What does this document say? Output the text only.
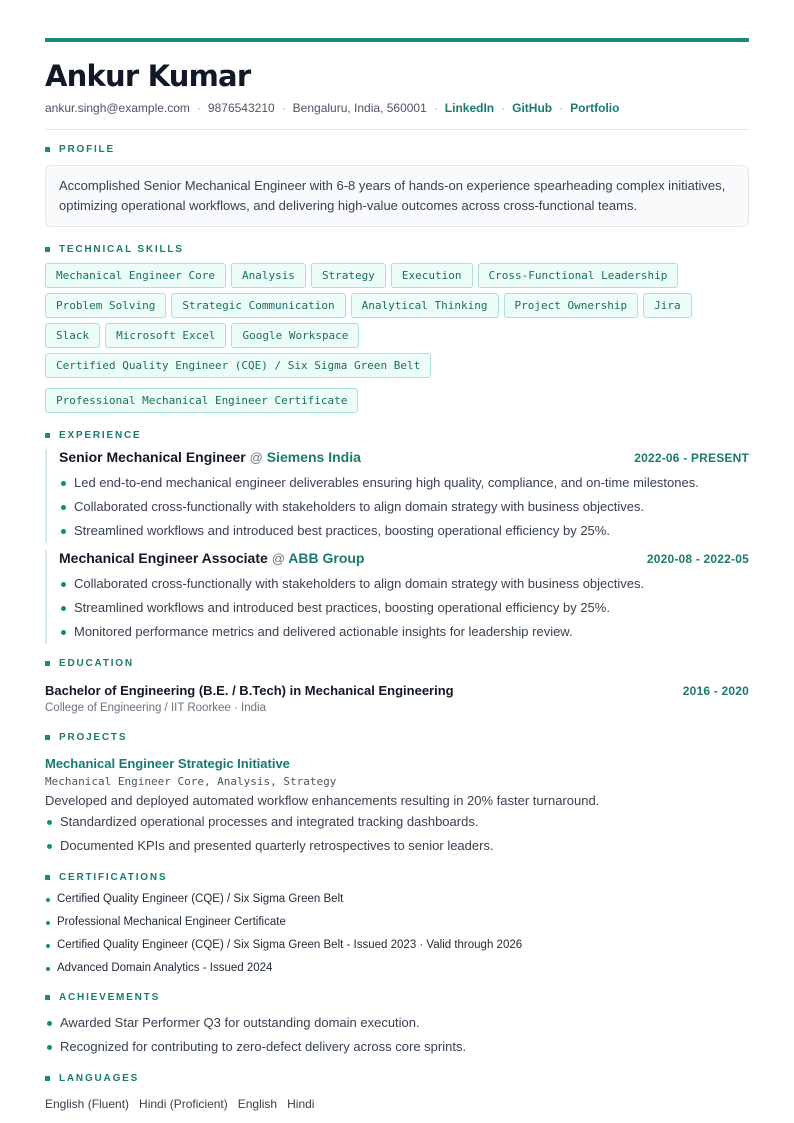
Ankur Kumar
ankur.singh@example.com · 9876543210 · Bengaluru, India, 560001 · LinkedIn · GitHub · Portfolio
PROFILE
Accomplished Senior Mechanical Engineer with 6-8 years of hands-on experience spearheading complex initiatives, optimizing operational workflows, and delivering high-value outcomes across cross-functional teams.
TECHNICAL SKILLS
Mechanical Engineer Core	Analysis	Strategy	Execution	Cross-Functional Leadership
Problem Solving	Strategic Communication	Analytical Thinking	Project Ownership	Jira
Slack	Microsoft Excel	Google Workspace
Certified Quality Engineer (CQE) / Six Sigma Green Belt
Professional Mechanical Engineer Certificate
EXPERIENCE
Senior Mechanical Engineer @ Siemens India	2022-06 - PRESENT
Led end-to-end mechanical engineer deliverables ensuring high quality, compliance, and on-time milestones.
Collaborated cross-functionally with stakeholders to align domain strategy with business objectives.
Streamlined workflows and introduced best practices, boosting operational efficiency by 25%.
Mechanical Engineer Associate @ ABB Group	2020-08 - 2022-05
Collaborated cross-functionally with stakeholders to align domain strategy with business objectives.
Streamlined workflows and introduced best practices, boosting operational efficiency by 25%.
Monitored performance metrics and delivered actionable insights for leadership review.
EDUCATION
Bachelor of Engineering (B.E. / B.Tech) in Mechanical Engineering	2016 - 2020
College of Engineering / IIT Roorkee · India
PROJECTS
Mechanical Engineer Strategic Initiative
Mechanical Engineer Core, Analysis, Strategy
Developed and deployed automated workflow enhancements resulting in 20% faster turnaround.
Standardized operational processes and integrated tracking dashboards.
Documented KPIs and presented quarterly retrospectives to senior leaders.
CERTIFICATIONS
Certified Quality Engineer (CQE) / Six Sigma Green Belt
Professional Mechanical Engineer Certificate
Certified Quality Engineer (CQE) / Six Sigma Green Belt - Issued 2023 · Valid through 2026
Advanced Domain Analytics - Issued 2024
ACHIEVEMENTS
Awarded Star Performer Q3 for outstanding domain execution.
Recognized for contributing to zero-defect delivery across core sprints.
LANGUAGES
English (Fluent) Hindi (Proficient) English Hindi
